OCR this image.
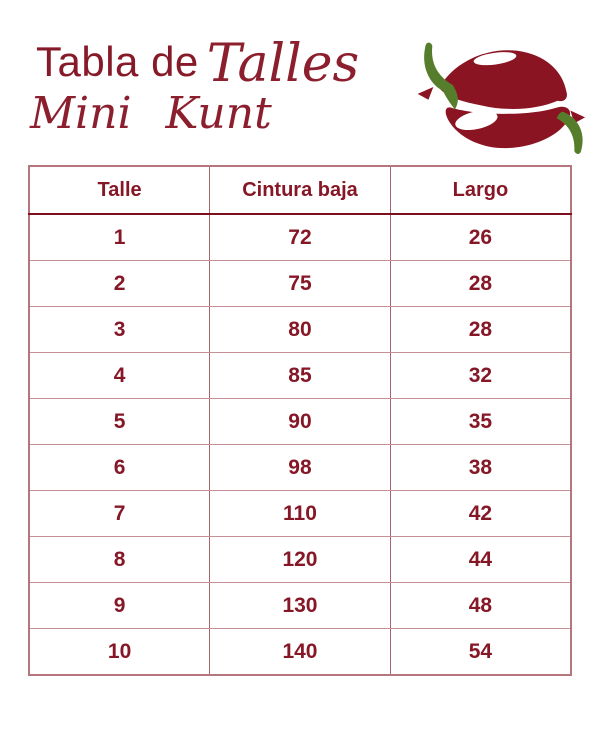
Tabla de Talles
Mini Kunt
Talle	Cintura baja	Largo
1	72	26
2	75	28
3	80	28
4	85	32
5	90	35
6	98	38
7	110	42
8	120	44
9	130	48
10	140	54
